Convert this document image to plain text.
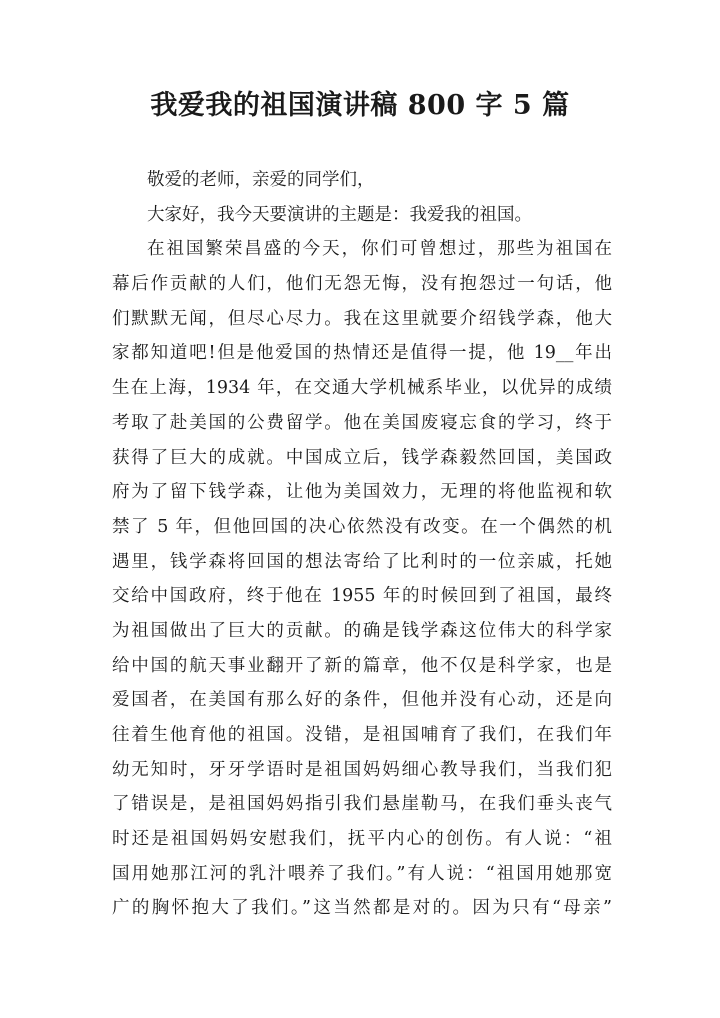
我爱我的祖国演讲稿 800 字 5 篇
敬爱的老师，亲爱的同学们，
大家好，我今天要演讲的主题是：我爱我的祖国。
在祖国繁荣昌盛的今天，你们可曾想过，那些为祖国在
幕后作贡献的人们，他们无怨无悔，没有抱怨过一句话，他
们默默无闻，但尽心尽力。我在这里就要介绍钱学森，他大
家都知道吧!但是他爱国的热情还是值得一提，他 19__年出
生在上海，1934 年，在交通大学机械系毕业，以优异的成绩
考取了赴美国的公费留学。他在美国废寝忘食的学习，终于
获得了巨大的成就。中国成立后，钱学森毅然回国，美国政
府为了留下钱学森，让他为美国效力，无理的将他监视和软
禁了 5 年，但他回国的决心依然没有改变。在一个偶然的机
遇里，钱学森将回国的想法寄给了比利时的一位亲戚，托她
交给中国政府，终于他在 1955 年的时候回到了祖国，最终
为祖国做出了巨大的贡献。的确是钱学森这位伟大的科学家
给中国的航天事业翻开了新的篇章，他不仅是科学家，也是
爱国者，在美国有那么好的条件，但他并没有心动，还是向
往着生他育他的祖国。没错，是祖国哺育了我们，在我们年
幼无知时，牙牙学语时是祖国妈妈细心教导我们，当我们犯
了错误是，是祖国妈妈指引我们悬崖勒马，在我们垂头丧气
时还是祖国妈妈安慰我们，抚平内心的创伤。有人说：“祖
国用她那江河的乳汁喂养了我们。”有人说：“祖国用她那宽
广的胸怀抱大了我们。”这当然都是对的。因为只有“母亲”
